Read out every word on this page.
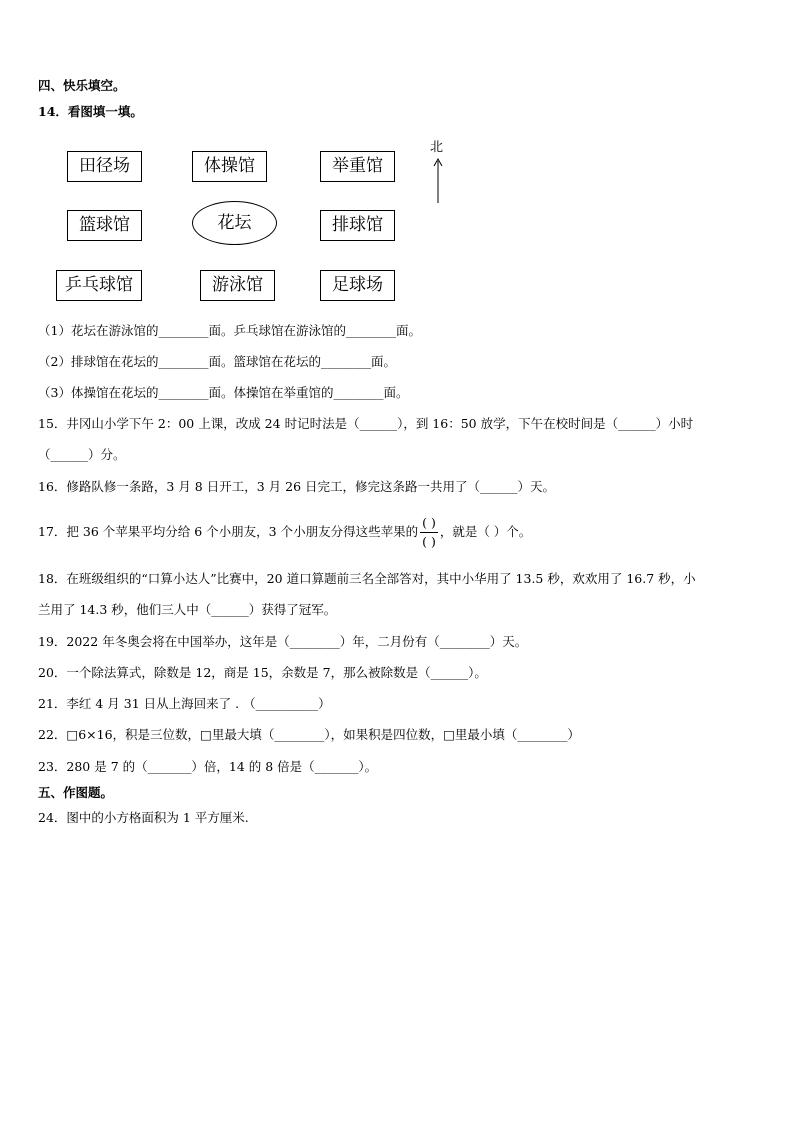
四、快乐填空。
14．看图填一填。
田径场	体操馆	举重馆
篮球馆	花坛	排球馆
乒乓球馆	游泳馆	足球场
北
（1）花坛在游泳馆的________面。乒乓球馆在游泳馆的________面。
（2）排球馆在花坛的________面。篮球馆在花坛的________面。
（3）体操馆在花坛的________面。体操馆在举重馆的________面。
15．井冈山小学下午 2：00 上课，改成 24 时记时法是（______），到 16：50 放学，下午在校时间是（______）小时
（______）分。
16．修路队修一条路，3 月 8 日开工，3 月 26 日完工，修完这条路一共用了（______）天。
17．把 36 个苹果平均分给 6 个小朋友，3 个小朋友分得这些苹果的 $\frac{( )}{( )}$ ，就是（ ）个。
18．在班级组织的“口算小达人”比赛中，20 道口算题前三名全部答对，其中小华用了 13.5 秒，欢欢用了 16.7 秒，小
兰用了 14.3 秒，他们三人中（______）获得了冠军。
19．2022 年冬奥会将在中国举办，这年是（________）年，二月份有（________）天。
20．一个除法算式，除数是 12，商是 15，余数是 7，那么被除数是（______）。
21．李红 4 月 31 日从上海回来了 . （__________）
22．□6×16，积是三位数，□里最大填（________），如果积是四位数，□里最小填（________）
23．280 是 7 的（_______）倍，14 的 8 倍是（_______）。
五、作图题。
24．图中的小方格面积为 1 平方厘米.
